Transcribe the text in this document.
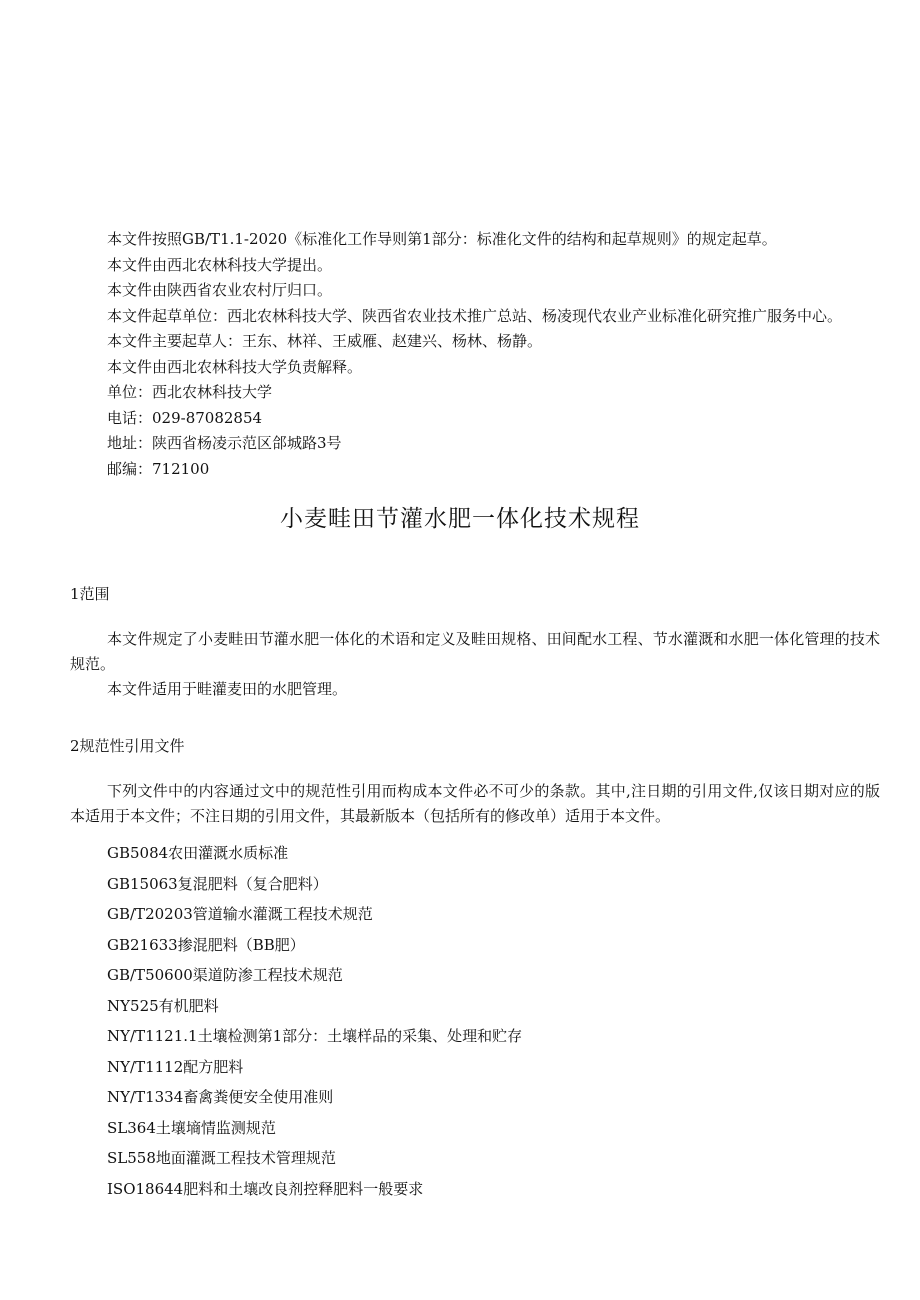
本文件按照GB/T1.1-2020《标准化工作导则第1部分：标准化文件的结构和起草规则》的规定起草。
本文件由西北农林科技大学提出。
本文件由陕西省农业农村厅归口。
本文件起草单位：西北农林科技大学、陕西省农业技术推广总站、杨凌现代农业产业标准化研究推广服务中心。
本文件主要起草人：王东、林祥、王威雁、赵建兴、杨林、杨静。
本文件由西北农林科技大学负责解释。
单位：西北农林科技大学
电话：029-87082854
地址：陕西省杨凌示范区郃城路3号
邮编：712100
小麦畦田节灌水肥一体化技术规程
1范围
本文件规定了小麦畦田节灌水肥一体化的术语和定义及畦田规格、田间配水工程、节水灌溉和水肥一体化管理的技术规范。
本文件适用于畦灌麦田的水肥管理。
2规范性引用文件
下列文件中的内容通过文中的规范性引用而构成本文件必不可少的条款。其中,注日期的引用文件,仅该日期对应的版本适用于本文件；不注日期的引用文件，其最新版本（包括所有的修改单）适用于本文件。
GB5084农田灌溉水质标准
GB15063复混肥料（复合肥料）
GB/T20203管道输水灌溉工程技术规范
GB21633掺混肥料（BB肥）
GB/T50600渠道防渗工程技术规范
NY525有机肥料
NY/T1121.1土壤检测第1部分：土壤样品的采集、处理和贮存
NY/T1112配方肥料
NY/T1334畜禽粪便安全使用准则
SL364土壤墒情监测规范
SL558地面灌溉工程技术管理规范
ISO18644肥料和土壤改良剂控释肥料一般要求
